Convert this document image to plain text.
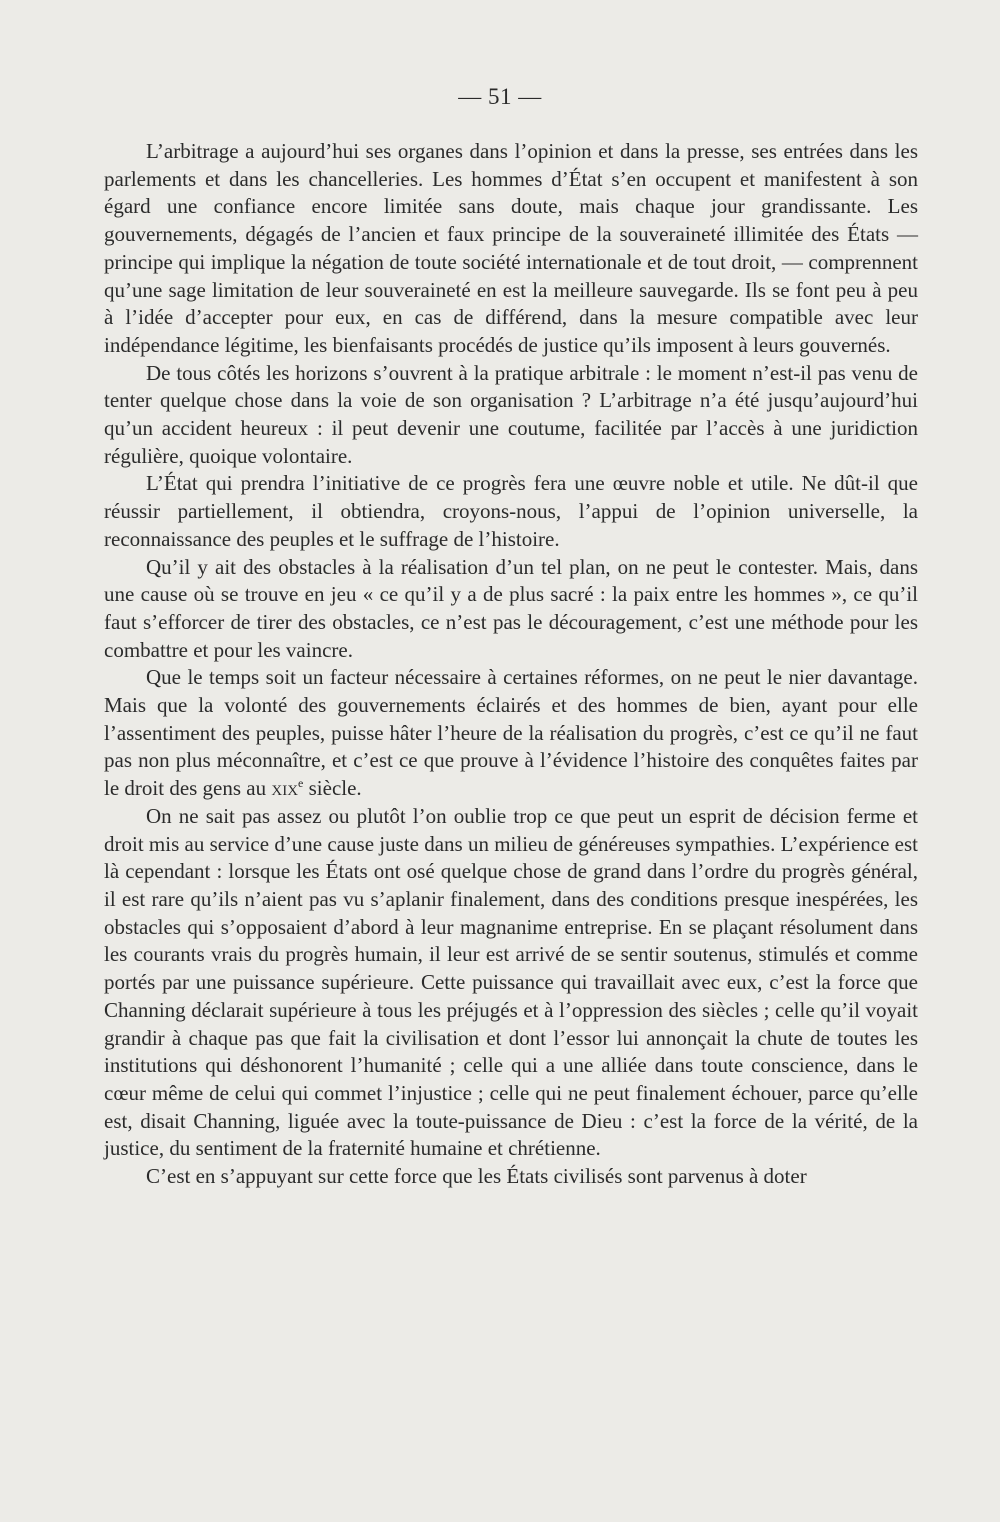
— 51 —

L’arbitrage a aujourd’hui ses organes dans l’opinion et dans la presse, ses entrées dans les parlements et dans les chancelleries. Les hommes d’État s’en occupent et manifestent à son égard une confiance encore limitée sans doute, mais chaque jour grandissante. Les gouvernements, dégagés de l’ancien et faux principe de la souveraineté illimitée des États — principe qui implique la négation de toute société internationale et de tout droit, — comprennent qu’une sage limitation de leur souveraineté en est la meilleure sauvegarde. Ils se font peu à peu à l’idée d’accepter pour eux, en cas de différend, dans la mesure compatible avec leur indépendance légitime, les bienfaisants procédés de justice qu’ils imposent à leurs gouvernés.

De tous côtés les horizons s’ouvrent à la pratique arbitrale : le moment n’est-il pas venu de tenter quelque chose dans la voie de son organisation ? L’arbitrage n’a été jusqu’aujourd’hui qu’un accident heureux : il peut devenir une coutume, facilitée par l’accès à une juridiction régulière, quoique volontaire.

L’État qui prendra l’initiative de ce progrès fera une œuvre noble et utile. Ne dût-il que réussir partiellement, il obtiendra, croyons-nous, l’appui de l’opinion universelle, la reconnaissance des peuples et le suffrage de l’histoire.

Qu’il y ait des obstacles à la réalisation d’un tel plan, on ne peut le contester. Mais, dans une cause où se trouve en jeu « ce qu’il y a de plus sacré : la paix entre les hommes », ce qu’il faut s’efforcer de tirer des obstacles, ce n’est pas le découragement, c’est une méthode pour les combattre et pour les vaincre.

Que le temps soit un facteur nécessaire à certaines réformes, on ne peut le nier davantage. Mais que la volonté des gouvernements éclairés et des hommes de bien, ayant pour elle l’assentiment des peuples, puisse hâter l’heure de la réalisation du progrès, c’est ce qu’il ne faut pas non plus méconnaître, et c’est ce que prouve à l’évidence l’histoire des conquêtes faites par le droit des gens au xix$^e$ siècle.

On ne sait pas assez ou plutôt l’on oublie trop ce que peut un esprit de décision ferme et droit mis au service d’une cause juste dans un milieu de généreuses sympathies. L’expérience est là cependant : lorsque les États ont osé quelque chose de grand dans l’ordre du progrès général, il est rare qu’ils n’aient pas vu s’aplanir finalement, dans des conditions presque inespérées, les obstacles qui s’opposaient d’abord à leur magnanime entreprise. En se plaçant résolument dans les courants vrais du progrès humain, il leur est arrivé de se sentir soutenus, stimulés et comme portés par une puissance supérieure. Cette puissance qui travaillait avec eux, c’est la force que Channing déclarait supérieure à tous les préjugés et à l’oppression des siècles ; celle qu’il voyait grandir à chaque pas que fait la civilisation et dont l’essor lui annonçait la chute de toutes les institutions qui déshonorent l’humanité ; celle qui a une alliée dans toute conscience, dans le cœur même de celui qui commet l’injustice ; celle qui ne peut finalement échouer, parce qu’elle est, disait Channing, liguée avec la toute-puissance de Dieu : c’est la force de la vérité, de la justice, du sentiment de la fraternité humaine et chrétienne.

C’est en s’appuyant sur cette force que les États civilisés sont parvenus à doter
